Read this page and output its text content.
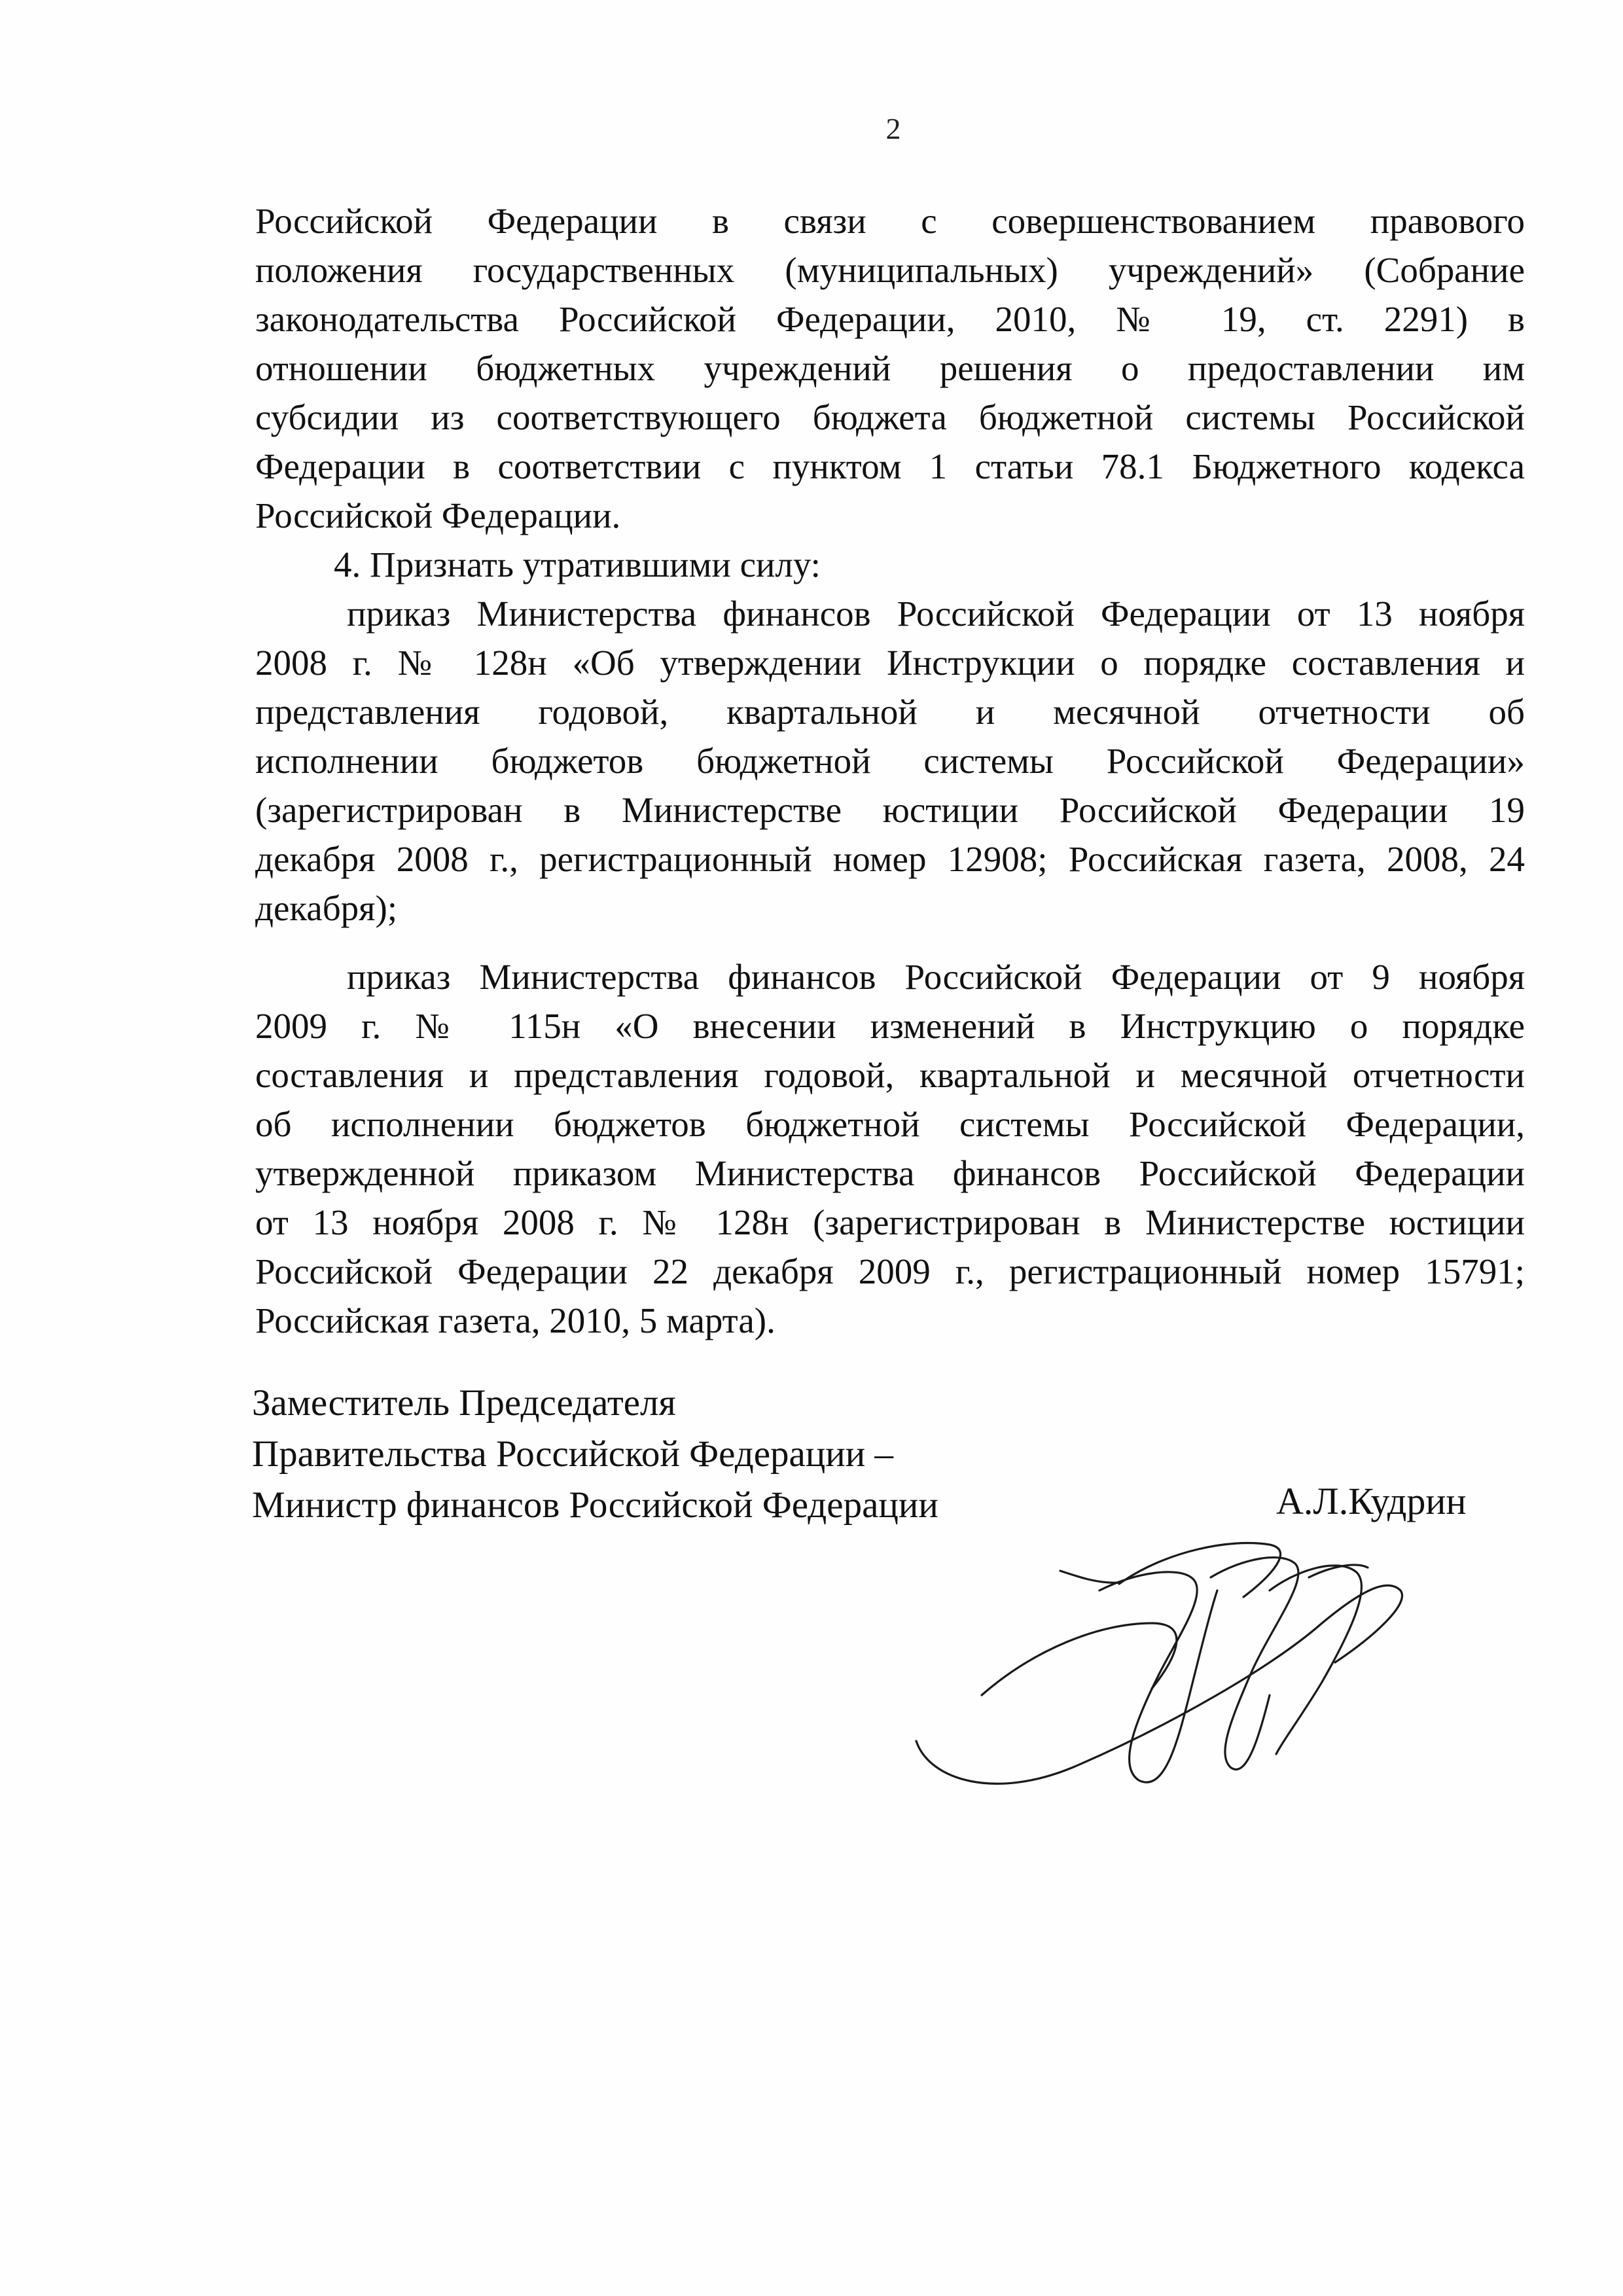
2
Российской Федерации в связи с совершенствованием правового
положения государственных (муниципальных) учреждений» (Собрание
законодательства Российской Федерации, 2010, № 19, ст. 2291) в
отношении бюджетных учреждений решения о предоставлении им
субсидии из соответствующего бюджета бюджетной системы Российской
Федерации в соответствии с пунктом 1 статьи 78.1 Бюджетного кодекса
Российской Федерации.
4. Признать утратившими силу:
приказ Министерства финансов Российской Федерации от 13 ноября
2008 г. № 128н «Об утверждении Инструкции о порядке составления и
представления годовой, квартальной и месячной отчетности об
исполнении бюджетов бюджетной системы Российской Федерации»
(зарегистрирован в Министерстве юстиции Российской Федерации 19
декабря 2008 г., регистрационный номер 12908; Российская газета, 2008, 24
декабря);
приказ Министерства финансов Российской Федерации от 9 ноября
2009 г. № 115н «О внесении изменений в Инструкцию о порядке
составления и представления годовой, квартальной и месячной отчетности
об исполнении бюджетов бюджетной системы Российской Федерации,
утвержденной приказом Министерства финансов Российской Федерации
от 13 ноября 2008 г. № 128н (зарегистрирован в Министерстве юстиции
Российской Федерации 22 декабря 2009 г., регистрационный номер 15791;
Российская газета, 2010, 5 марта).
Заместитель Председателя
Правительства Российской Федерации –
Министр финансов Российской Федерации	А.Л.Кудрин
